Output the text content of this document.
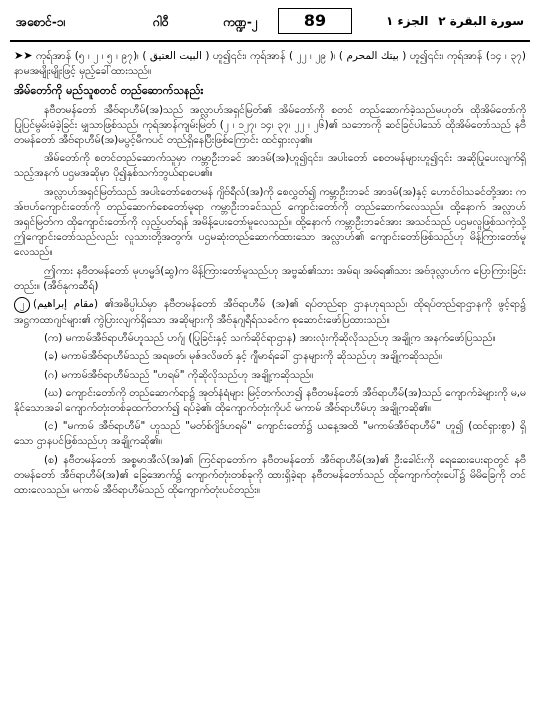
အစောင်-၁၊	ဂါ၀ီ	ကဏ္ဍ-၂	89	الجزء ١ سورة البقرة ٢

➤➤ ကုရ်အာန် (၅ ၊ ၂ ၊ ၅ ၊ ၉၇)၊ ( البيت العتيق ) ဟူ၍၎င်း၊ ကုရ်အာန် ( ၂၂ ၊ ၂၉ )၊ ( بيتك المحرم ) ဟူ၍၎င်း၊ ကုရ်အာန် (၁၄ ၊ ၃၇) နာမအမျိုးမျိုးဖြင့် မှည့်ခေါ်ထားသည်။

အိမ်တော်ကို မည်သူစတင် တည်ဆောက်သနည်း

နဗီတမန်တော် အီဗ်ရာဟီမ်(အ)သည် အလ္လာဟ်အရှင်မြတ်၏ အိမ်တော်ကို စတင် တည်ဆောက်ခဲ့သည်မဟုတ်၊ ထိုအိမ်တော်ကို ပြုပြင်မွမ်းမံခဲ့ခြင်း မျှသာဖြစ်သည်၊ ကုရ်အာန်ကျမ်းမြတ် (၂ ၊ ၁၂၇၊ ၁၄၊ ၃၇၊ ၂၂ ၊ ၂၆)၏ သဘောကို ဆင်ခြင်ပါသော် ထိုအိမ်တော်သည် နဗီတမန်တော် အီဗ်ရာဟီမ်(အ)မပွင့်မီကပင် တည်ရှိနေပြီးဖြစ်ကြောင်း ထင်ရှားလှ၏။

အိမ်တော်ကို စတင်တည်ဆောက်သူမှာ ကမ္ဘာဦးဘခင် အာဒမ်(အ)ဟူ၍၎င်း၊ အပါးတော် စေတမန်များဟူ၍၎င်း အဆိုပြုပေးလျက်ရှိသည့်အနက် ပဌမအဆိုမှာ ပို၍နှစ်သက်ဘွယ်ရာပေ၏။

အလ္လာဟ်အရှင်မြတ်သည် အပါးတော်စေတမန် ဂျိဗ်ရီလ်(အ)ကို စေလွှတ်၍ ကမ္ဘာဦးဘခင် အာဒမ်(အ)နှင့် ဟောင်ဝါသခင်တို့အား ကအ်ဗဟ်ကျောင်းတော်ကို တည်ဆောက်စေတော်မူရာ ကမ္ဘာဦးဘခင်သည် ကျောင်းတော်ကို တည်ဆောက်လေသည်။ ထို့နောက် အလ္လာဟ်အရှင်မြတ်က ထိုကျောင်းတော်ကို လှည့်ပတ်ရန် အမိန့်ပေးတော်မူလေသည်။ ထို့နောက် ကမ္ဘာဦးဘခင်အား အသင်သည် ပဌမလူဖြစ်သကဲ့သို့ ဤကျောင်းတော်သည်လည်း လူသားတို့အတွက်၊ ပဌမဆုံးတည်ဆောက်ထားသော အလ္လာဟ်၏ ကျောင်းတော်ဖြစ်သည်ဟု မိန့်ကြားတော်မူလေသည်။

ဤကား နဗီတမန်တော် မုဟမ္မဒ်(ဆွ)က မိန့်ကြားတော်မူသည်ဟု အဗ္ဗဆ်၏သား အမ်ရ၊ အမ်ရ၏သား အဗ်ဒုလ္လာဟ်က ပြောကြားခြင်းတည်း။ (အီဗ်နုကဆီရ်)

၂ (مقام إبراهيم) ၏အဓိပ္ပါယ်မှာ နဗီတမန်တော် အီဗ်ရာဟီမ် (အ)၏ ရပ်တည်ရာ ဌာနဟုရသည်၊ ထိုရပ်တည်ရာဌာနကို ဖွင့်ရာ၌ အဋ္ဌကထာဂျင်များ၏ ကွဲပြားလျက်ရှိသော အဆိုများကို အီဗ်နုဂျရီရ်သခင်က စုဆောင်းဖော်ပြထားသည်။

(က) မကာမ်အီဗ်ရာဟီမ်ဟူသည် ဟဂ်ျ (ပြုခြင်းနှင့် သက်ဆိုင်ရာဌာန) အားလုံးကိုဆိုလိုသည်ဟု အချို့က အနက်ဖော်ပြသည်။

(ခ) မကာမ်အီဗ်ရာဟီမ်သည် အရဖတ်၊ မုဇ်ဒလိဖတ် နှင့် ဂျီမာရ်ခေါ် ဌာနများကို ဆိုသည်ဟု အချို့ကဆိုသည်။

(ဂ) မကာမ်အီဗ်ရာဟီမ်သည် "ဟရမ်" ကိုဆိုလိုသည်ဟု အချို့ကဆိုသည်။

(ဃ) ကျောင်းတော်ကို တည်ဆောက်ရာ၌ အုတ်နံရံများ မြင့်တက်လာ၍ နဗီတမန်တော် အီဗ်ရာဟီမ်(အ)သည် ကျောက်ခဲများကို မ,မနိုင်သောအခါ ကျောက်တုံးတစ်ခုထက်တက်၍ ရပ်ခဲ့၏၊ ထိုကျောက်တုံးကိုပင် မကာမ် အီဗ်ရာဟီမ်ဟု အချို့ကဆို၏။

(င) "မကာမ် အီဗ်ရာဟီမ်" ဟူသည် "မတ်စ်ဂျိဒ်ဟရမ်" ကျောင်းတော်၌ ယနေ့အထိ "မကာမ်အီဗ်ရာဟီမ်" ဟူ၍ (ထင်ရှားစွာ) ရှိသော ဌာနပင်ဖြစ်သည်ဟု အချို့ကဆို၏။

(စ) နဗီတမန်တော် အစ္စမာအီလ်(အ)၏ ကြင်ရာတော်က နဗီတမန်တော် အီဗ်ရာဟီမ်(အ)၏ ဦးခေါင်းကို ရေဆေးပေးရာတွင် နဗီတမန်တော် အီဗ်ရာဟီမ်(အ)၏ ခြေအောက်၌ ကျောက်တုံးတစ်ခုကို ထားရှိခဲ့ရာ နဗီတမန်တော်သည် ထိုကျောက်တုံးပေါ်၌ မိမိခြေကို တင်ထားလေသည်။ မကာမ် အီဗ်ရာဟီမ်သည် ထိုကျောက်တုံးပင်တည်း။
